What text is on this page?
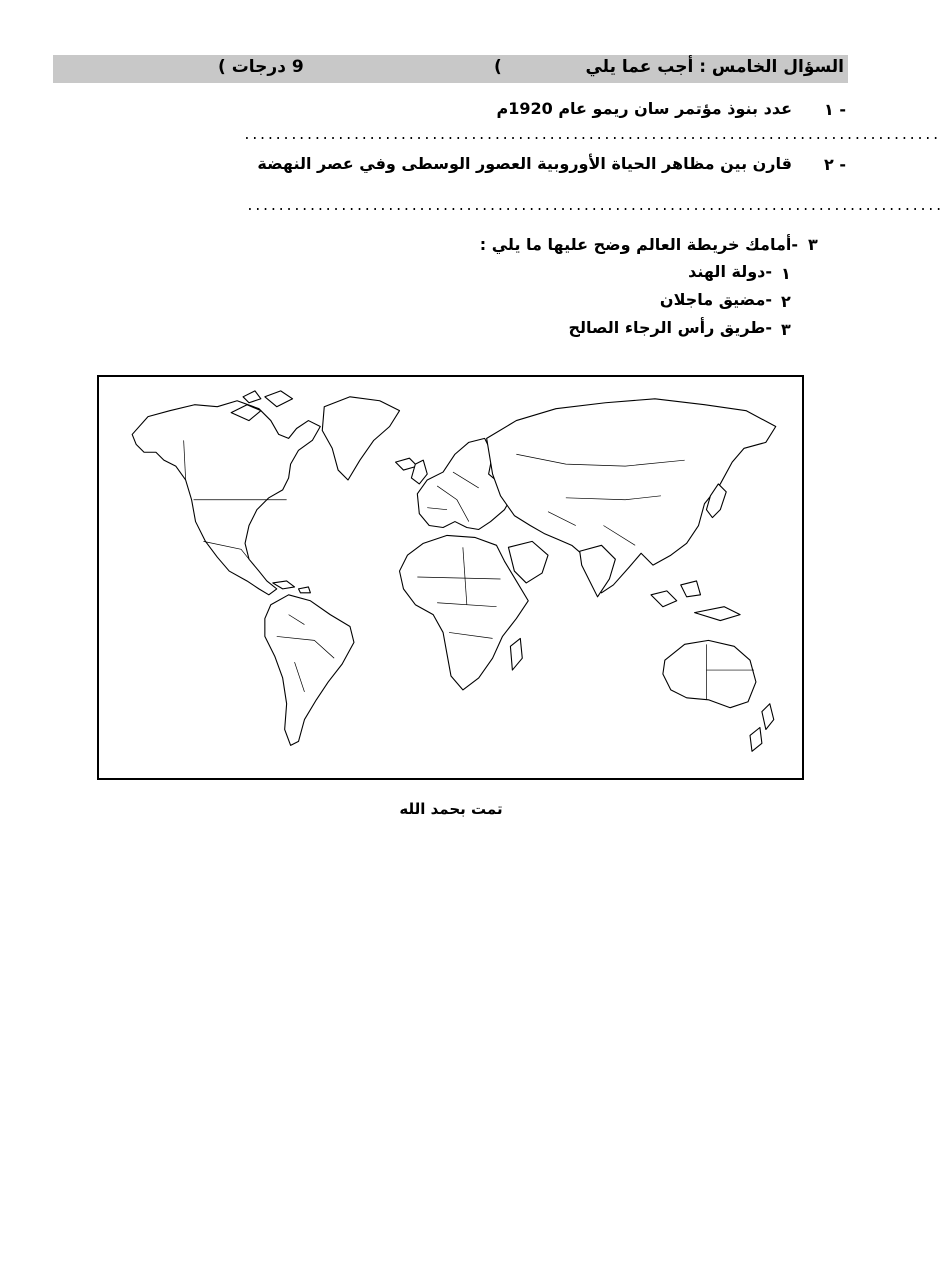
السؤال الخامس : أجب عما يلي
(
9 درجات )
١ -
عدد بنوذ مؤتمر سان ريمو عام 1920م
.........................................................................................
٢ -
قارن بين مظاهر الحياة الأوروبية العصور الوسطى وفي عصر النهضة
.........................................................................................
٣
-أمامك خريطة العالم وضح عليها ما يلي :
١
-دولة الهند
٢
-مضيق ماجلان
٣
-طريق رأس الرجاء الصالح
تمت بحمد الله
